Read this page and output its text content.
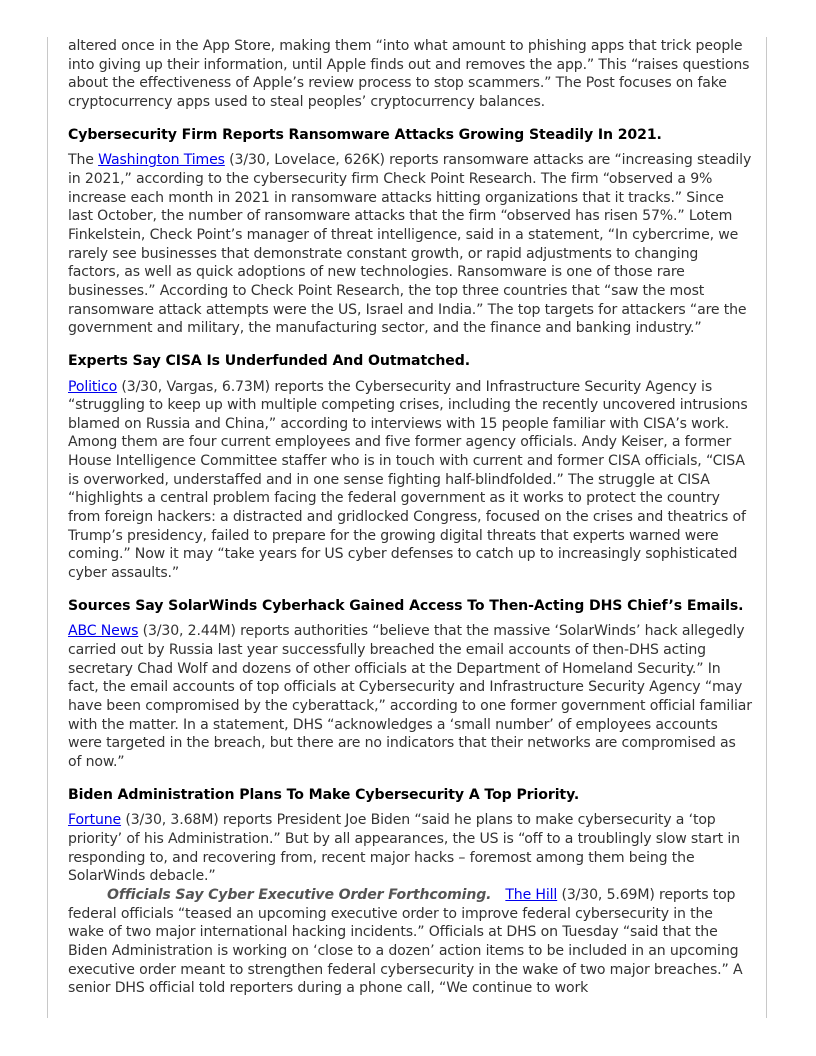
altered once in the App Store, making them “into what amount to phishing apps that trick people into giving up their information, until Apple finds out and removes the app.” This “raises questions about the effectiveness of Apple’s review process to stop scammers.” The Post focuses on fake cryptocurrency apps used to steal peoples’ cryptocurrency balances.

Cybersecurity Firm Reports Ransomware Attacks Growing Steadily In 2021.

The Washington Times (3/30, Lovelace, 626K) reports ransomware attacks are “increasing steadily in 2021,” according to the cybersecurity firm Check Point Research. The firm “observed a 9% increase each month in 2021 in ransomware attacks hitting organizations that it tracks.” Since last October, the number of ransomware attacks that the firm “observed has risen 57%.” Lotem Finkelstein, Check Point’s manager of threat intelligence, said in a statement, “In cybercrime, we rarely see businesses that demonstrate constant growth, or rapid adjustments to changing factors, as well as quick adoptions of new technologies. Ransomware is one of those rare businesses.” According to Check Point Research, the top three countries that “saw the most ransomware attack attempts were the US, Israel and India.” The top targets for attackers “are the government and military, the manufacturing sector, and the finance and banking industry.”

Experts Say CISA Is Underfunded And Outmatched.

Politico (3/30, Vargas, 6.73M) reports the Cybersecurity and Infrastructure Security Agency is “struggling to keep up with multiple competing crises, including the recently uncovered intrusions blamed on Russia and China,” according to interviews with 15 people familiar with CISA’s work. Among them are four current employees and five former agency officials. Andy Keiser, a former House Intelligence Committee staffer who is in touch with current and former CISA officials, “CISA is overworked, understaffed and in one sense fighting half-blindfolded.” The struggle at CISA “highlights a central problem facing the federal government as it works to protect the country from foreign hackers: a distracted and gridlocked Congress, focused on the crises and theatrics of Trump’s presidency, failed to prepare for the growing digital threats that experts warned were coming.” Now it may “take years for US cyber defenses to catch up to increasingly sophisticated cyber assaults.”

Sources Say SolarWinds Cyberhack Gained Access To Then-Acting DHS Chief’s Emails.

ABC News (3/30, 2.44M) reports authorities “believe that the massive ‘SolarWinds’ hack allegedly carried out by Russia last year successfully breached the email accounts of then-DHS acting secretary Chad Wolf and dozens of other officials at the Department of Homeland Security.” In fact, the email accounts of top officials at Cybersecurity and Infrastructure Security Agency “may have been compromised by the cyberattack,” according to one former government official familiar with the matter. In a statement, DHS “acknowledges a ‘small number’ of employees accounts were targeted in the breach, but there are no indicators that their networks are compromised as of now.”

Biden Administration Plans To Make Cybersecurity A Top Priority.

Fortune (3/30, 3.68M) reports President Joe Biden “said he plans to make cybersecurity a ‘top priority’ of his Administration.” But by all appearances, the US is “off to a troublingly slow start in responding to, and recovering from, recent major hacks – foremost among them being the SolarWinds debacle.”

Officials Say Cyber Executive Order Forthcoming. The Hill (3/30, 5.69M) reports top federal officials “teased an upcoming executive order to improve federal cybersecurity in the wake of two major international hacking incidents.” Officials at DHS on Tuesday “said that the Biden Administration is working on ‘close to a dozen’ action items to be included in an upcoming executive order meant to strengthen federal cybersecurity in the wake of two major breaches.” A senior DHS official told reporters during a phone call, “We continue to work
